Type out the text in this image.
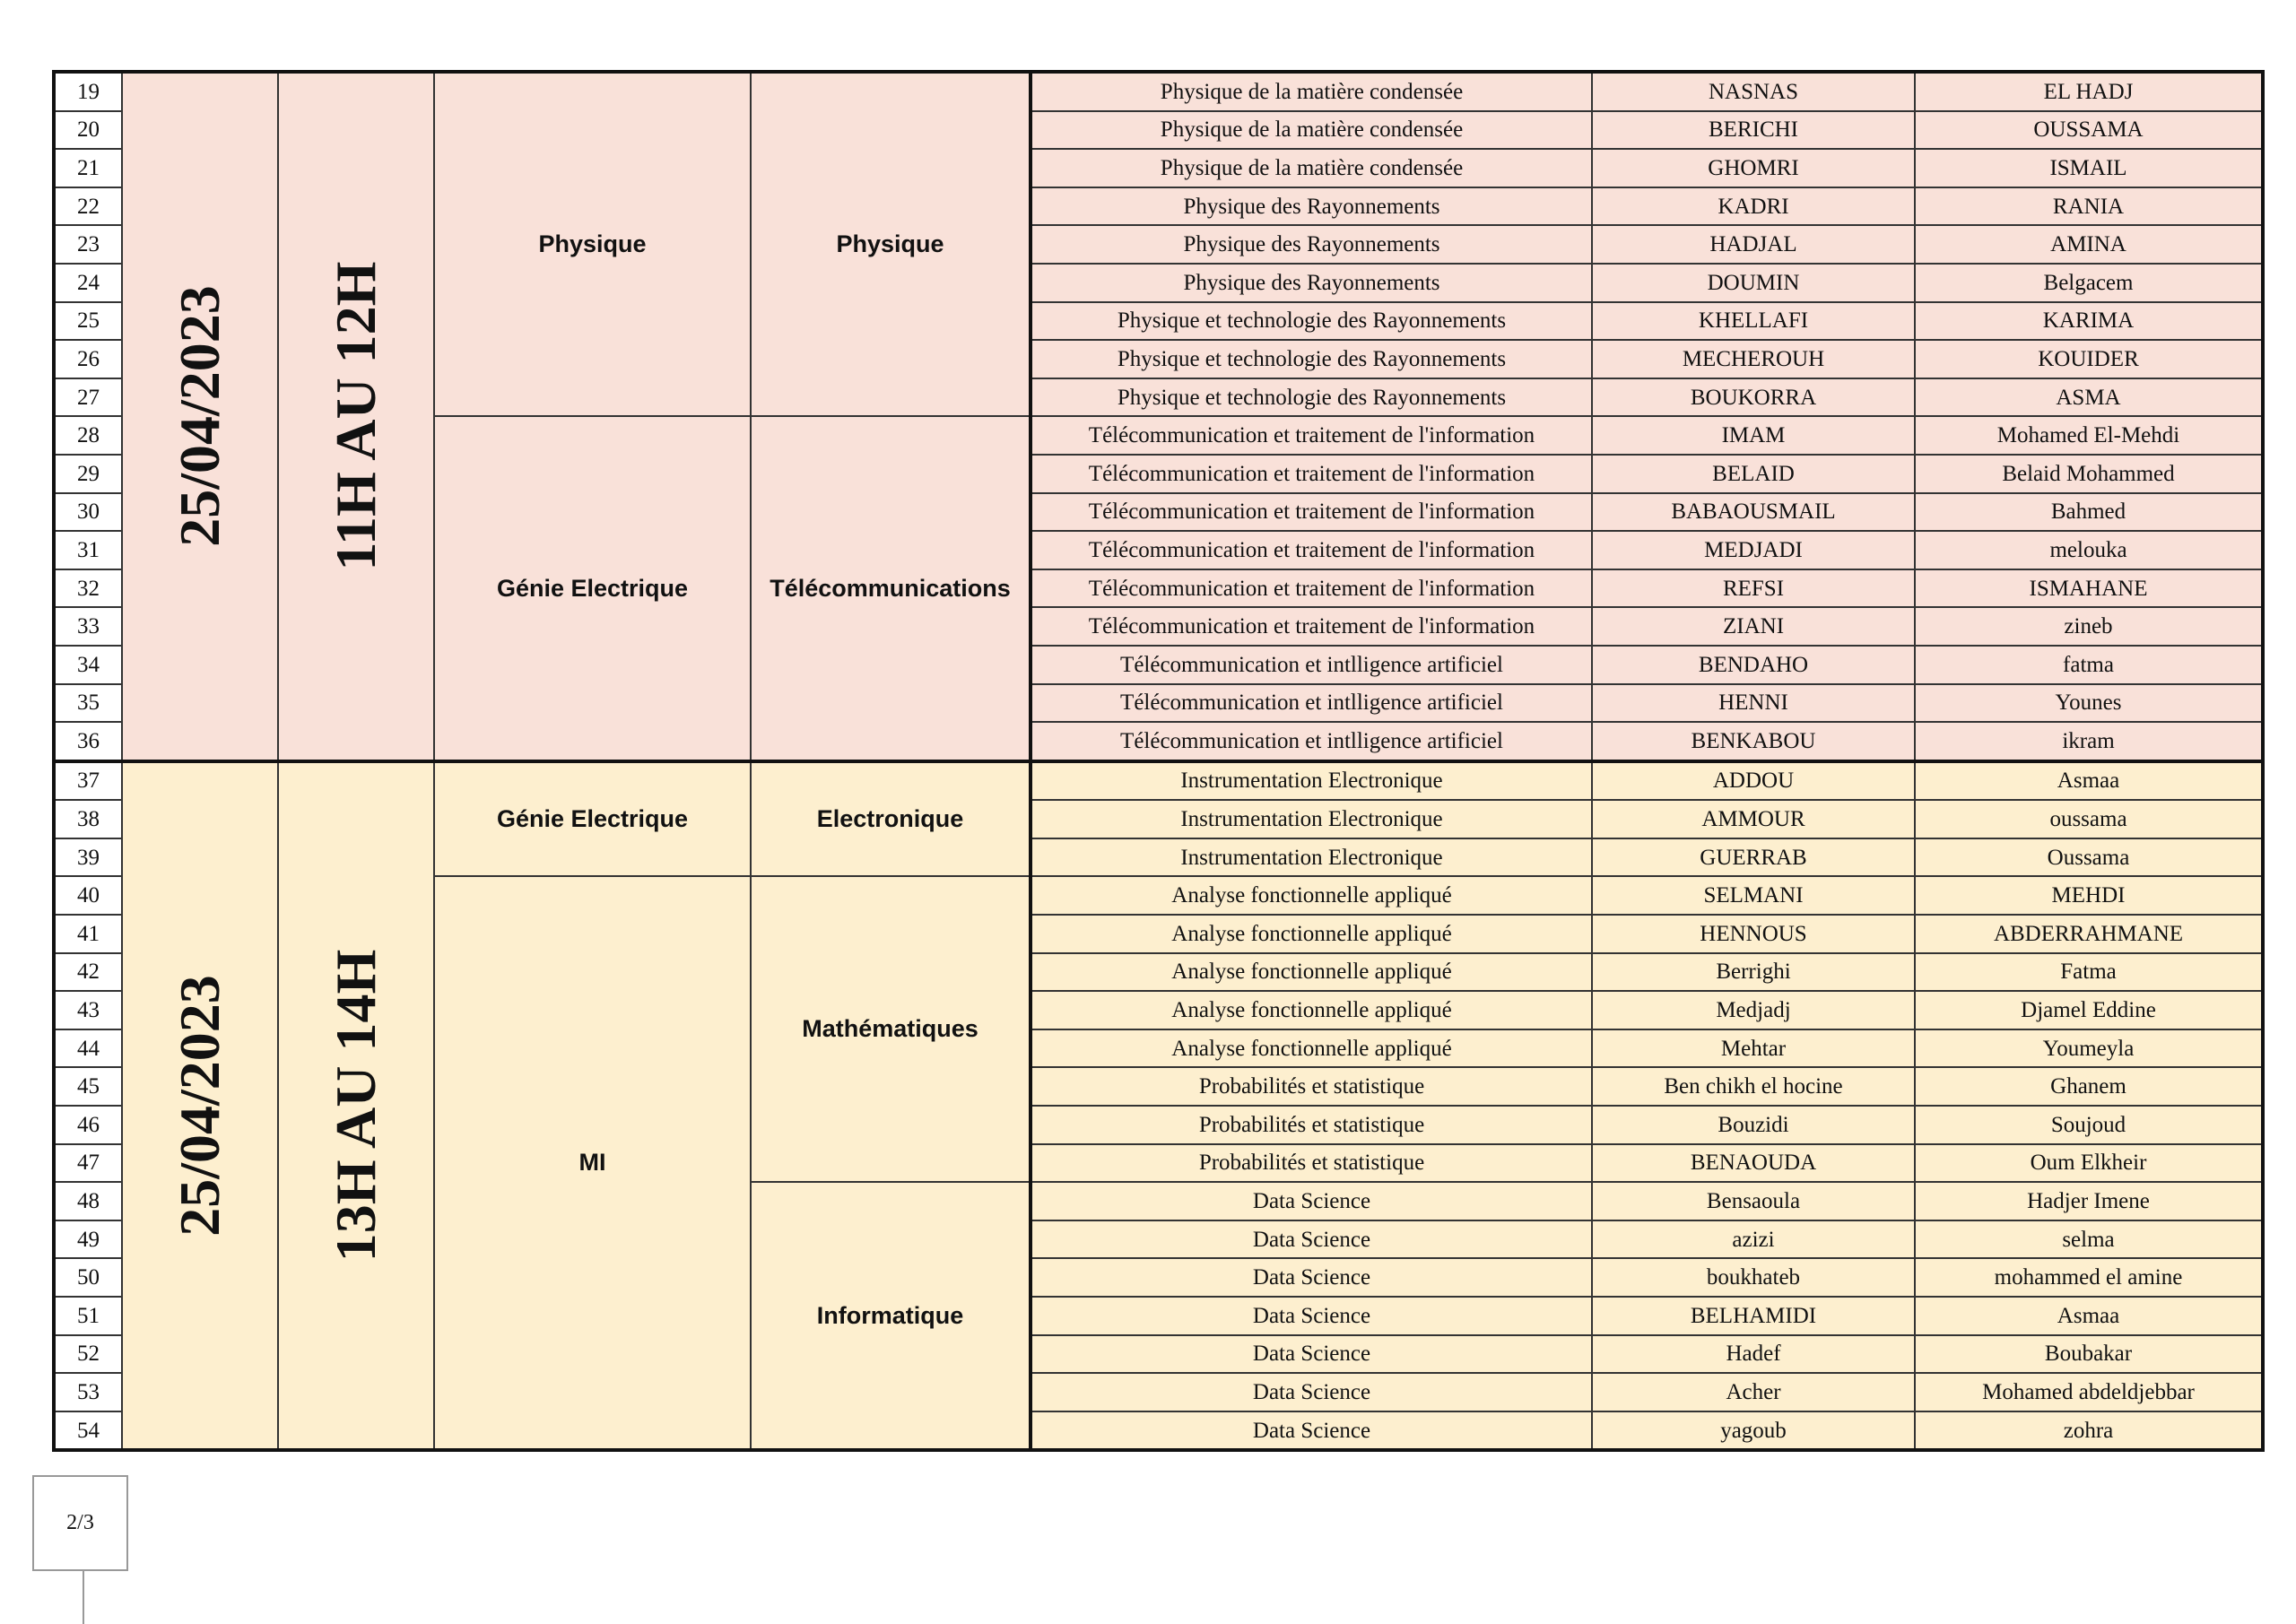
19	25/04/2023	11H AU 12H	Physique	Physique	Physique de la matière condensée	NASNAS	EL HADJ
20					Physique de la matière condensée	BERICHI	OUSSAMA
21					Physique de la matière condensée	GHOMRI	ISMAIL
22					Physique des Rayonnements	KADRI	RANIA
23					Physique des Rayonnements	HADJAL	AMINA
24					Physique des Rayonnements	DOUMIN	Belgacem
25					Physique et technologie des Rayonnements	KHELLAFI	KARIMA
26					Physique et technologie des Rayonnements	MECHEROUH	KOUIDER
27					Physique et technologie des Rayonnements	BOUKORRA	ASMA
28			Génie Electrique	Télécommunications	Télécommunication et traitement de l'information	IMAM	Mohamed El-Mehdi
29					Télécommunication et traitement de l'information	BELAID	Belaid Mohammed
30					Télécommunication et traitement de l'information	BABAOUSMAIL	Bahmed
31					Télécommunication et traitement de l'information	MEDJADI	melouka
32					Télécommunication et traitement de l'information	REFSI	ISMAHANE
33					Télécommunication et traitement de l'information	ZIANI	zineb
34					Télécommunication et intlligence artificiel	BENDAHO	fatma
35					Télécommunication et intlligence artificiel	HENNI	Younes
36					Télécommunication et intlligence artificiel	BENKABOU	ikram
37	25/04/2023	13H AU 14H	Génie Electrique	Electronique	Instrumentation Electronique	ADDOU	Asmaa
38					Instrumentation Electronique	AMMOUR	oussama
39					Instrumentation Electronique	GUERRAB	Oussama
40			MI	Mathématiques	Analyse fonctionnelle appliqué	SELMANI	MEHDI
41					Analyse fonctionnelle appliqué	HENNOUS	ABDERRAHMANE
42					Analyse fonctionnelle appliqué	Berrighi	Fatma
43					Analyse fonctionnelle appliqué	Medjadj	Djamel Eddine
44					Analyse fonctionnelle appliqué	Mehtar	Youmeyla
45					Probabilités et statistique	Ben chikh el hocine	Ghanem
46					Probabilités et statistique	Bouzidi	Soujoud
47					Probabilités et statistique	BENAOUDA	Oum Elkheir
48				Informatique	Data Science	Bensaoula	Hadjer Imene
49					Data Science	azizi	selma
50					Data Science	boukhateb	mohammed el amine
51					Data Science	BELHAMIDI	Asmaa
52					Data Science	Hadef	Boubakar
53					Data Science	Acher	Mohamed abdeldjebbar
54					Data Science	yagoub	zohra
2/3
